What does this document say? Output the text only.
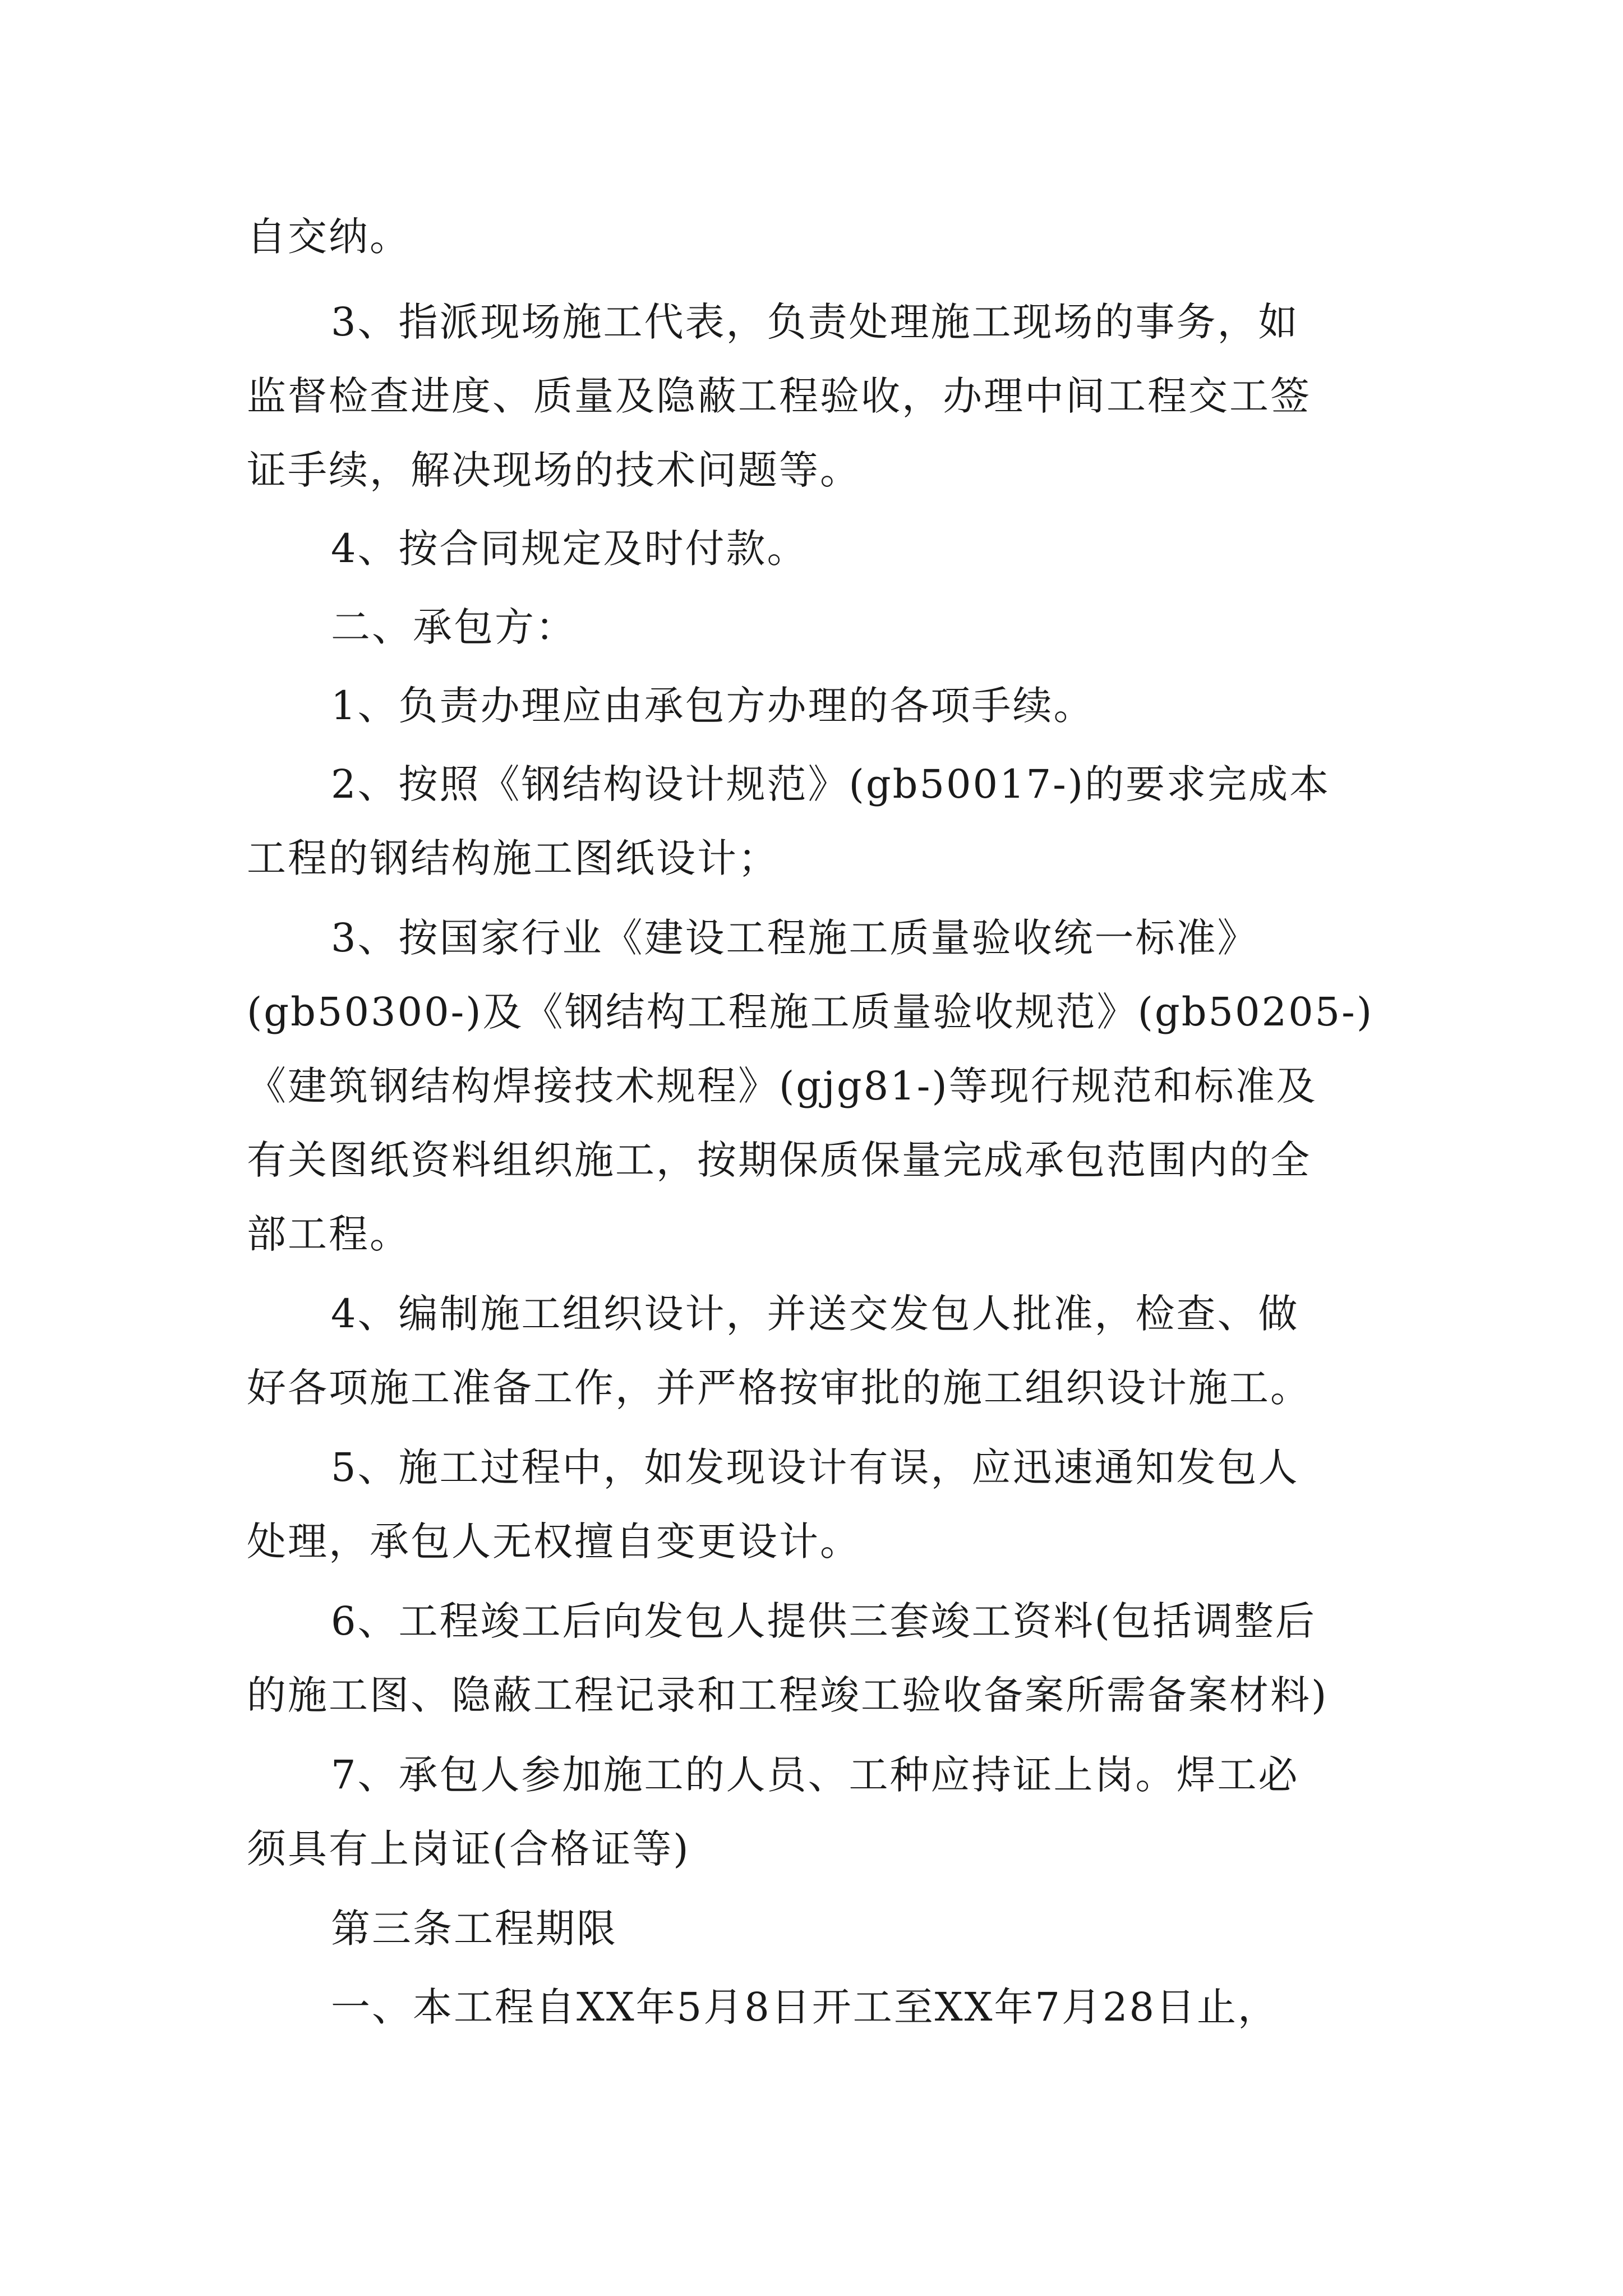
自交纳。
3、指派现场施工代表，负责处理施工现场的事务，如
监督检查进度、质量及隐蔽工程验收，办理中间工程交工签
证手续，解决现场的技术问题等。
4、按合同规定及时付款。
二、承包方：
1、负责办理应由承包方办理的各项手续。
2、按照《钢结构设计规范》(gb50017-)的要求完成本
工程的钢结构施工图纸设计；
3、按国家行业《建设工程施工质量验收统一标准》
(gb50300-)及《钢结构工程施工质量验收规范》(gb50205-)
《建筑钢结构焊接技术规程》(gjg81-)等现行规范和标准及
有关图纸资料组织施工，按期保质保量完成承包范围内的全
部工程。
4、编制施工组织设计，并送交发包人批准，检查、做
好各项施工准备工作，并严格按审批的施工组织设计施工。
5、施工过程中，如发现设计有误，应迅速通知发包人
处理，承包人无权擅自变更设计。
6、工程竣工后向发包人提供三套竣工资料(包括调整后
的施工图、隐蔽工程记录和工程竣工验收备案所需备案材料)
7、承包人参加施工的人员、工种应持证上岗。焊工必
须具有上岗证(合格证等)
第三条工程期限
一、本工程自XX年5月8日开工至XX年7月28日止，
